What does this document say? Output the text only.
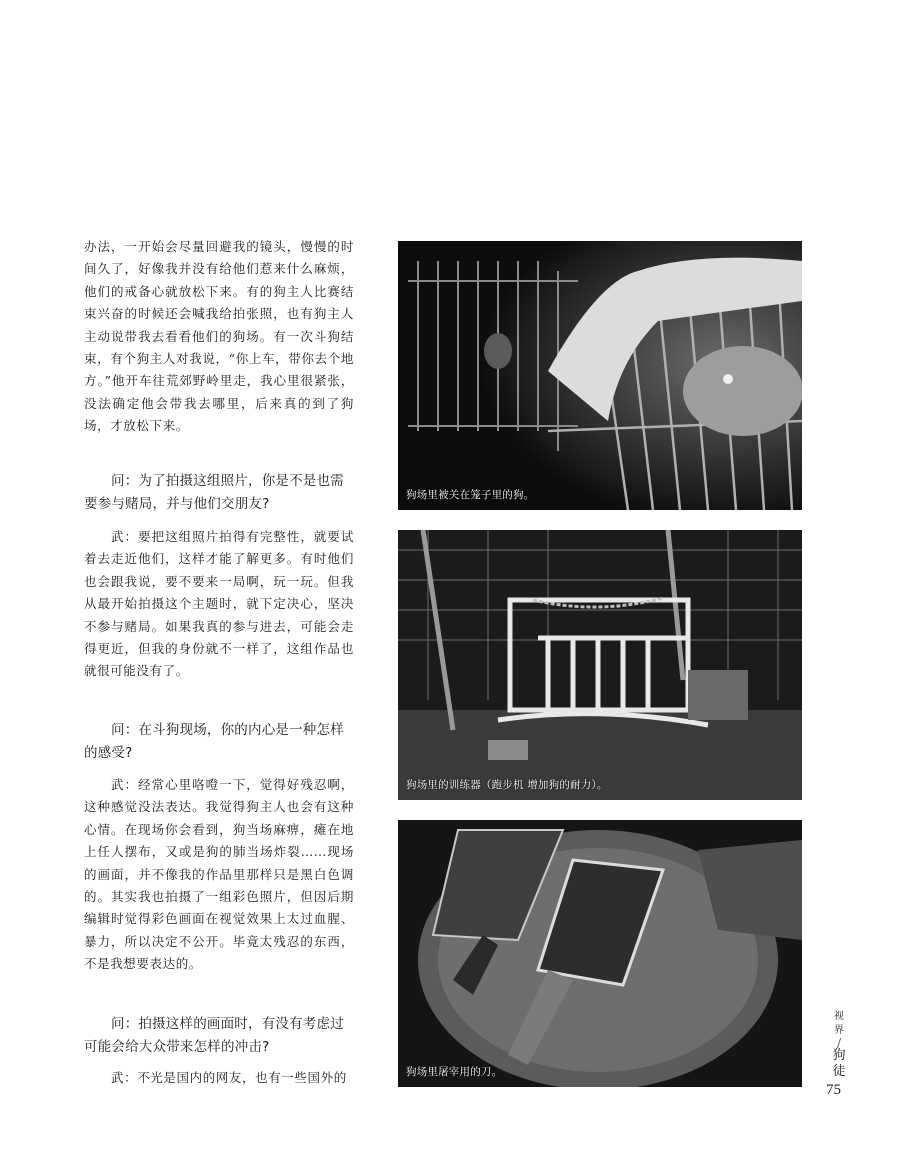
办法，一开始会尽量回避我的镜头，慢慢的时间久了，好像我并没有给他们惹来什么麻烦，他们的戒备心就放松下来。有的狗主人比赛结束兴奋的时候还会喊我给拍张照，也有狗主人主动说带我去看看他们的狗场。有一次斗狗结束，有个狗主人对我说，“你上车，带你去个地方。”他开车往荒郊野岭里走，我心里很紧张，没法确定他会带我去哪里，后来真的到了狗场，才放松下来。

问：为了拍摄这组照片，你是不是也需要参与赌局，并与他们交朋友?

武：要把这组照片拍得有完整性，就要试着去走近他们，这样才能了解更多。有时他们也会跟我说，要不要来一局啊，玩一玩。但我从最开始拍摄这个主题时，就下定决心，坚决不参与赌局。如果我真的参与进去，可能会走得更近，但我的身份就不一样了，这组作品也就很可能没有了。

问：在斗狗现场，你的内心是一种怎样的感受?

武：经常心里咯噔一下，觉得好残忍啊，这种感觉没法表达。我觉得狗主人也会有这种心情。在现场你会看到，狗当场麻痹，瘫在地上任人摆布，又或是狗的肺当场炸裂……现场的画面，并不像我的作品里那样只是黑白色调的。其实我也拍摄了一组彩色照片，但因后期编辑时觉得彩色画面在视觉效果上太过血腥、暴力，所以决定不公开。毕竟太残忍的东西，不是我想要表达的。

问：拍摄这样的画面时，有没有考虑过可能会给大众带来怎样的冲击?

武：不光是国内的网友，也有一些国外的

狗场里被关在笼子里的狗。
狗场里的训练器（跑步机 增加狗的耐力）。
狗场里屠宰用的刀。
视
界
/
狗
徒
75
